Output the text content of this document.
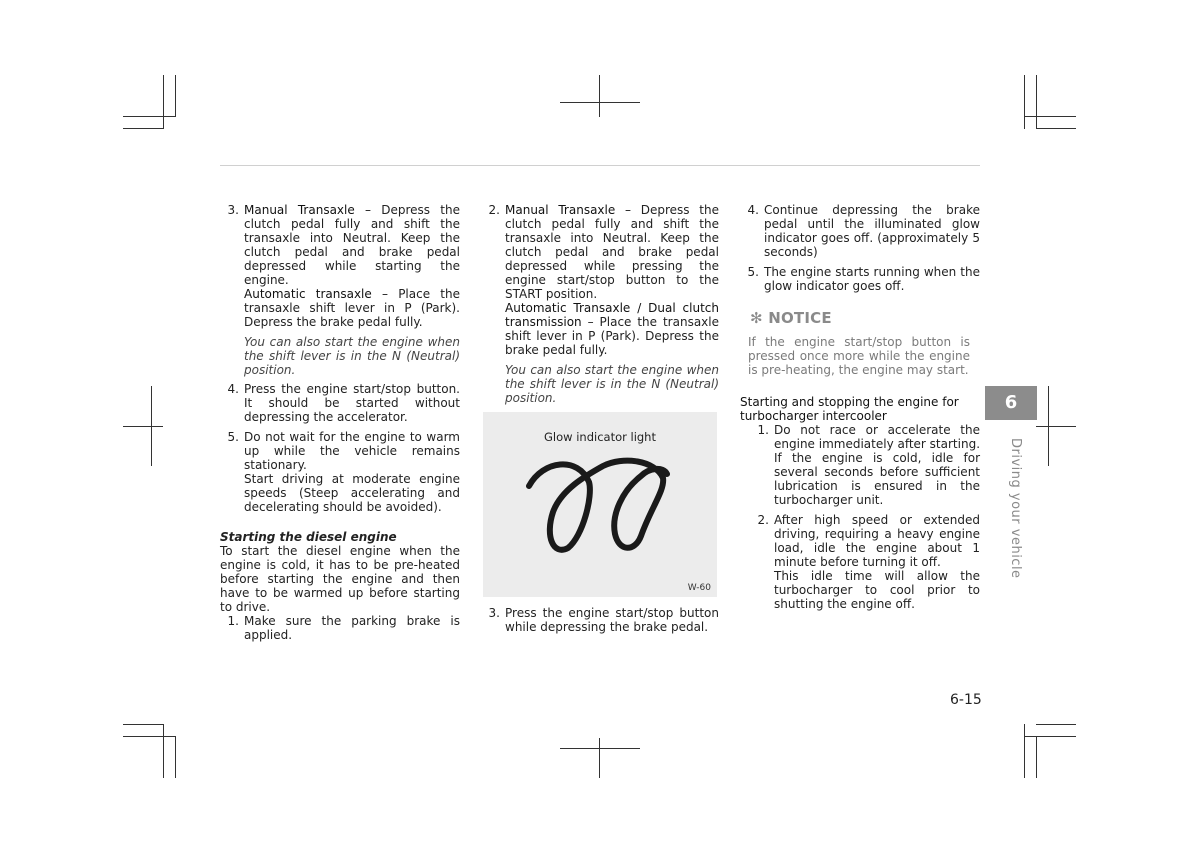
3. Manual Transaxle – Depress the clutch pedal fully and shift the transaxle into Neutral. Keep the clutch pedal and brake pedal depressed while starting the engine.
Automatic transaxle – Place the transaxle shift lever in P (Park). Depress the brake pedal fully.
You can also start the engine when the shift lever is in the N (Neutral) position.
4. Press the engine start/stop button. It should be started without depressing the accelerator.
5. Do not wait for the engine to warm up while the vehicle remains stationary.
Start driving at moderate engine speeds (Steep accelerating and decelerating should be avoided).
Starting the diesel engine
To start the diesel engine when the engine is cold, it has to be pre-heated before starting the engine and then have to be warmed up before starting to drive.
1. Make sure the parking brake is applied.
2. Manual Transaxle – Depress the clutch pedal fully and shift the transaxle into Neutral. Keep the clutch pedal and brake pedal depressed while pressing the engine start/stop button to the START position.
Automatic Transaxle / Dual clutch transmission – Place the transaxle shift lever in P (Park). Depress the brake pedal fully.
You can also start the engine when the shift lever is in the N (Neutral) position.
Glow indicator light
W-60
3. Press the engine start/stop button while depressing the brake pedal.
4. Continue depressing the brake pedal until the illuminated glow indicator goes off. (approximately 5 seconds)
5. The engine starts running when the glow indicator goes off.
✻ NOTICE
If the engine start/stop button is pressed once more while the engine is pre-heating, the engine may start.
Starting and stopping the engine for turbocharger intercooler
1. Do not race or accelerate the engine immediately after starting.
If the engine is cold, idle for several seconds before sufficient lubrication is ensured in the turbocharger unit.
2. After high speed or extended driving, requiring a heavy engine load, idle the engine about 1 minute before turning it off.
This idle time will allow the turbocharger to cool prior to shutting the engine off.
6
Driving your vehicle
6-15
